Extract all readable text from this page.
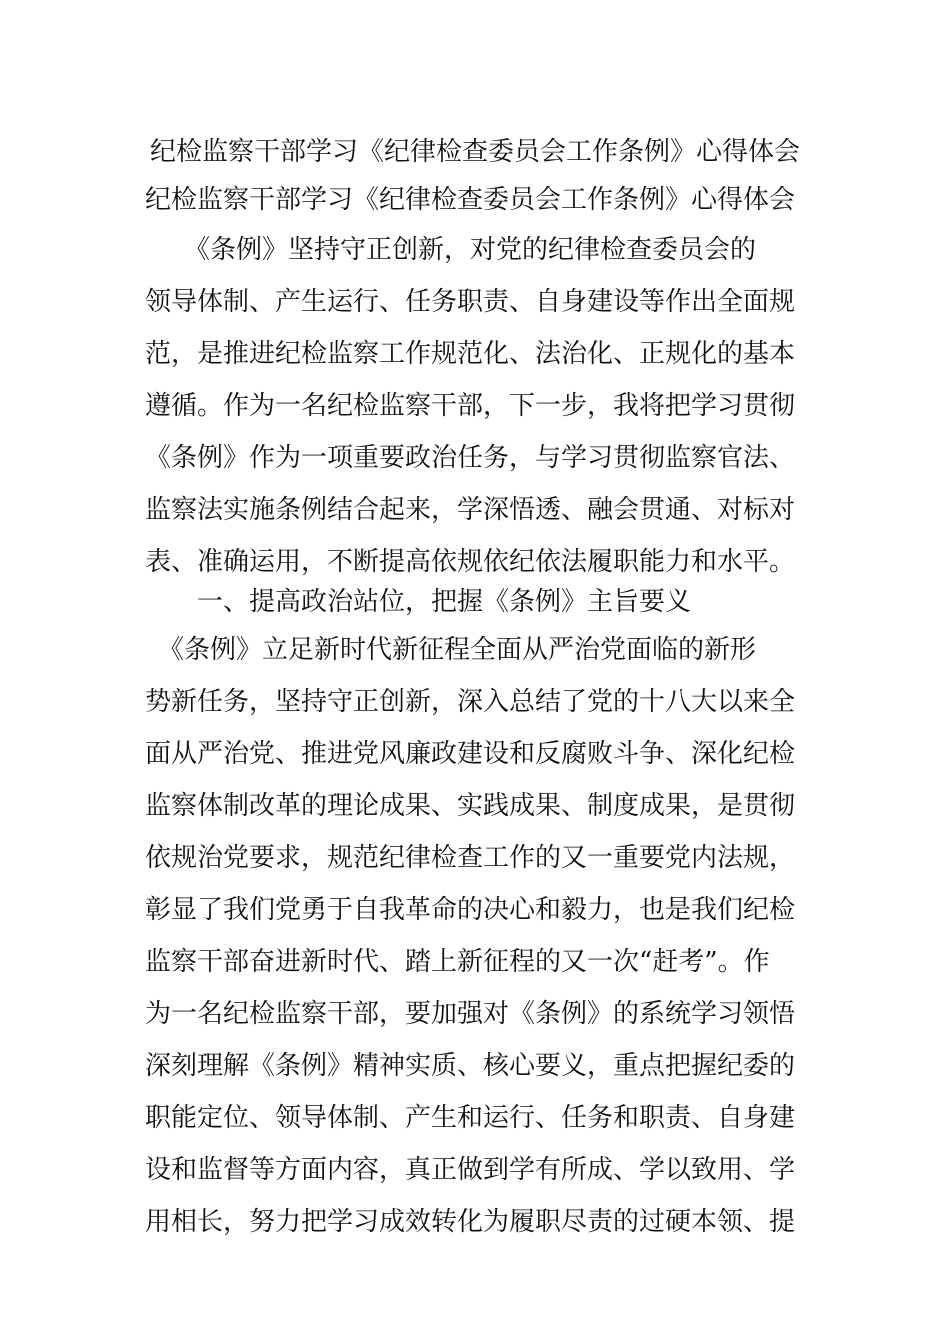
纪检监察干部学习《纪律检查委员会工作条例》心得体会
纪检监察干部学习《纪律检查委员会工作条例》心得体会
　　《条例》坚持守正创新，对党的纪律检查委员会的
领导体制、产生运行、任务职责、自身建设等作出全面规
范，是推进纪检监察工作规范化、法治化、正规化的基本
遵循。作为一名纪检监察干部，下一步，我将把学习贯彻
《条例》作为一项重要政治任务，与学习贯彻监察官法、
监察法实施条例结合起来，学深悟透、融会贯通、对标对
表、准确运用，不断提高依规依纪依法履职能力和水平。
　　一、提高政治站位，把握《条例》主旨要义
　《条例》立足新时代新征程全面从严治党面临的新形
势新任务，坚持守正创新，深入总结了党的十八大以来全
面从严治党、推进党风廉政建设和反腐败斗争、深化纪检
监察体制改革的理论成果、实践成果、制度成果，是贯彻
依规治党要求，规范纪律检查工作的又一重要党内法规，
彰显了我们党勇于自我革命的决心和毅力，也是我们纪检
监察干部奋进新时代、踏上新征程的又一次“赶考”。作
为一名纪检监察干部，要加强对《条例》的系统学习领悟
深刻理解《条例》精神实质、核心要义，重点把握纪委的
职能定位、领导体制、产生和运行、任务和职责、自身建
设和监督等方面内容，真正做到学有所成、学以致用、学
用相长，努力把学习成效转化为履职尽责的过硬本领、提
